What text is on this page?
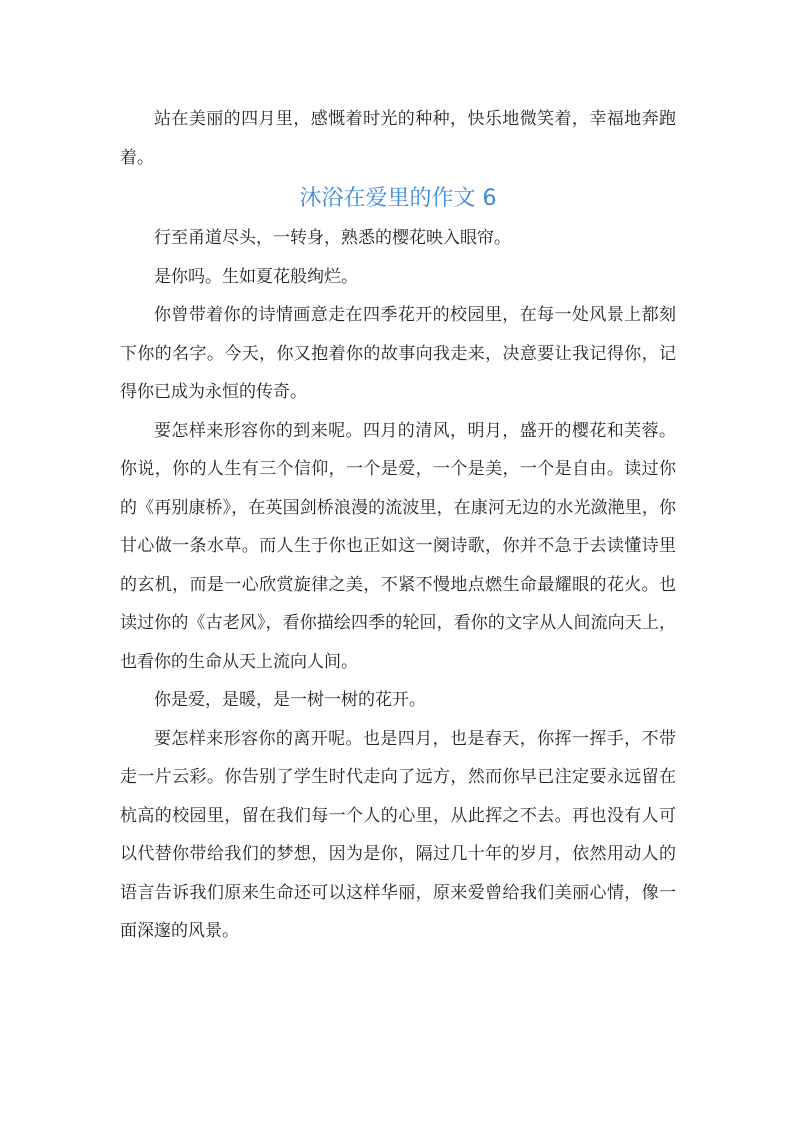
站在美丽的四月里，感慨着时光的种种，快乐地微笑着，幸福地奔跑着。

沐浴在爱里的作文 6

行至甬道尽头，一转身，熟悉的樱花映入眼帘。

是你吗。生如夏花般绚烂。

你曾带着你的诗情画意走在四季花开的校园里，在每一处风景上都刻下你的名字。今天，你又抱着你的故事向我走来，决意要让我记得你，记得你已成为永恒的传奇。

要怎样来形容你的到来呢。四月的清风，明月，盛开的樱花和芙蓉。你说，你的人生有三个信仰，一个是爱，一个是美，一个是自由。读过你的《再别康桥》，在英国剑桥浪漫的流波里，在康河无边的水光潋滟里，你甘心做一条水草。而人生于你也正如这一阕诗歌，你并不急于去读懂诗里的玄机，而是一心欣赏旋律之美，不紧不慢地点燃生命最耀眼的花火。也读过你的《古老风》，看你描绘四季的轮回，看你的文字从人间流向天上，也看你的生命从天上流向人间。

你是爱，是暖，是一树一树的花开。

要怎样来形容你的离开呢。也是四月，也是春天，你挥一挥手，不带走一片云彩。你告别了学生时代走向了远方，然而你早已注定要永远留在杭高的校园里，留在我们每一个人的心里，从此挥之不去。再也没有人可以代替你带给我们的梦想，因为是你，隔过几十年的岁月，依然用动人的语言告诉我们原来生命还可以这样华丽，原来爱曾给我们美丽心情，像一面深邃的风景。
